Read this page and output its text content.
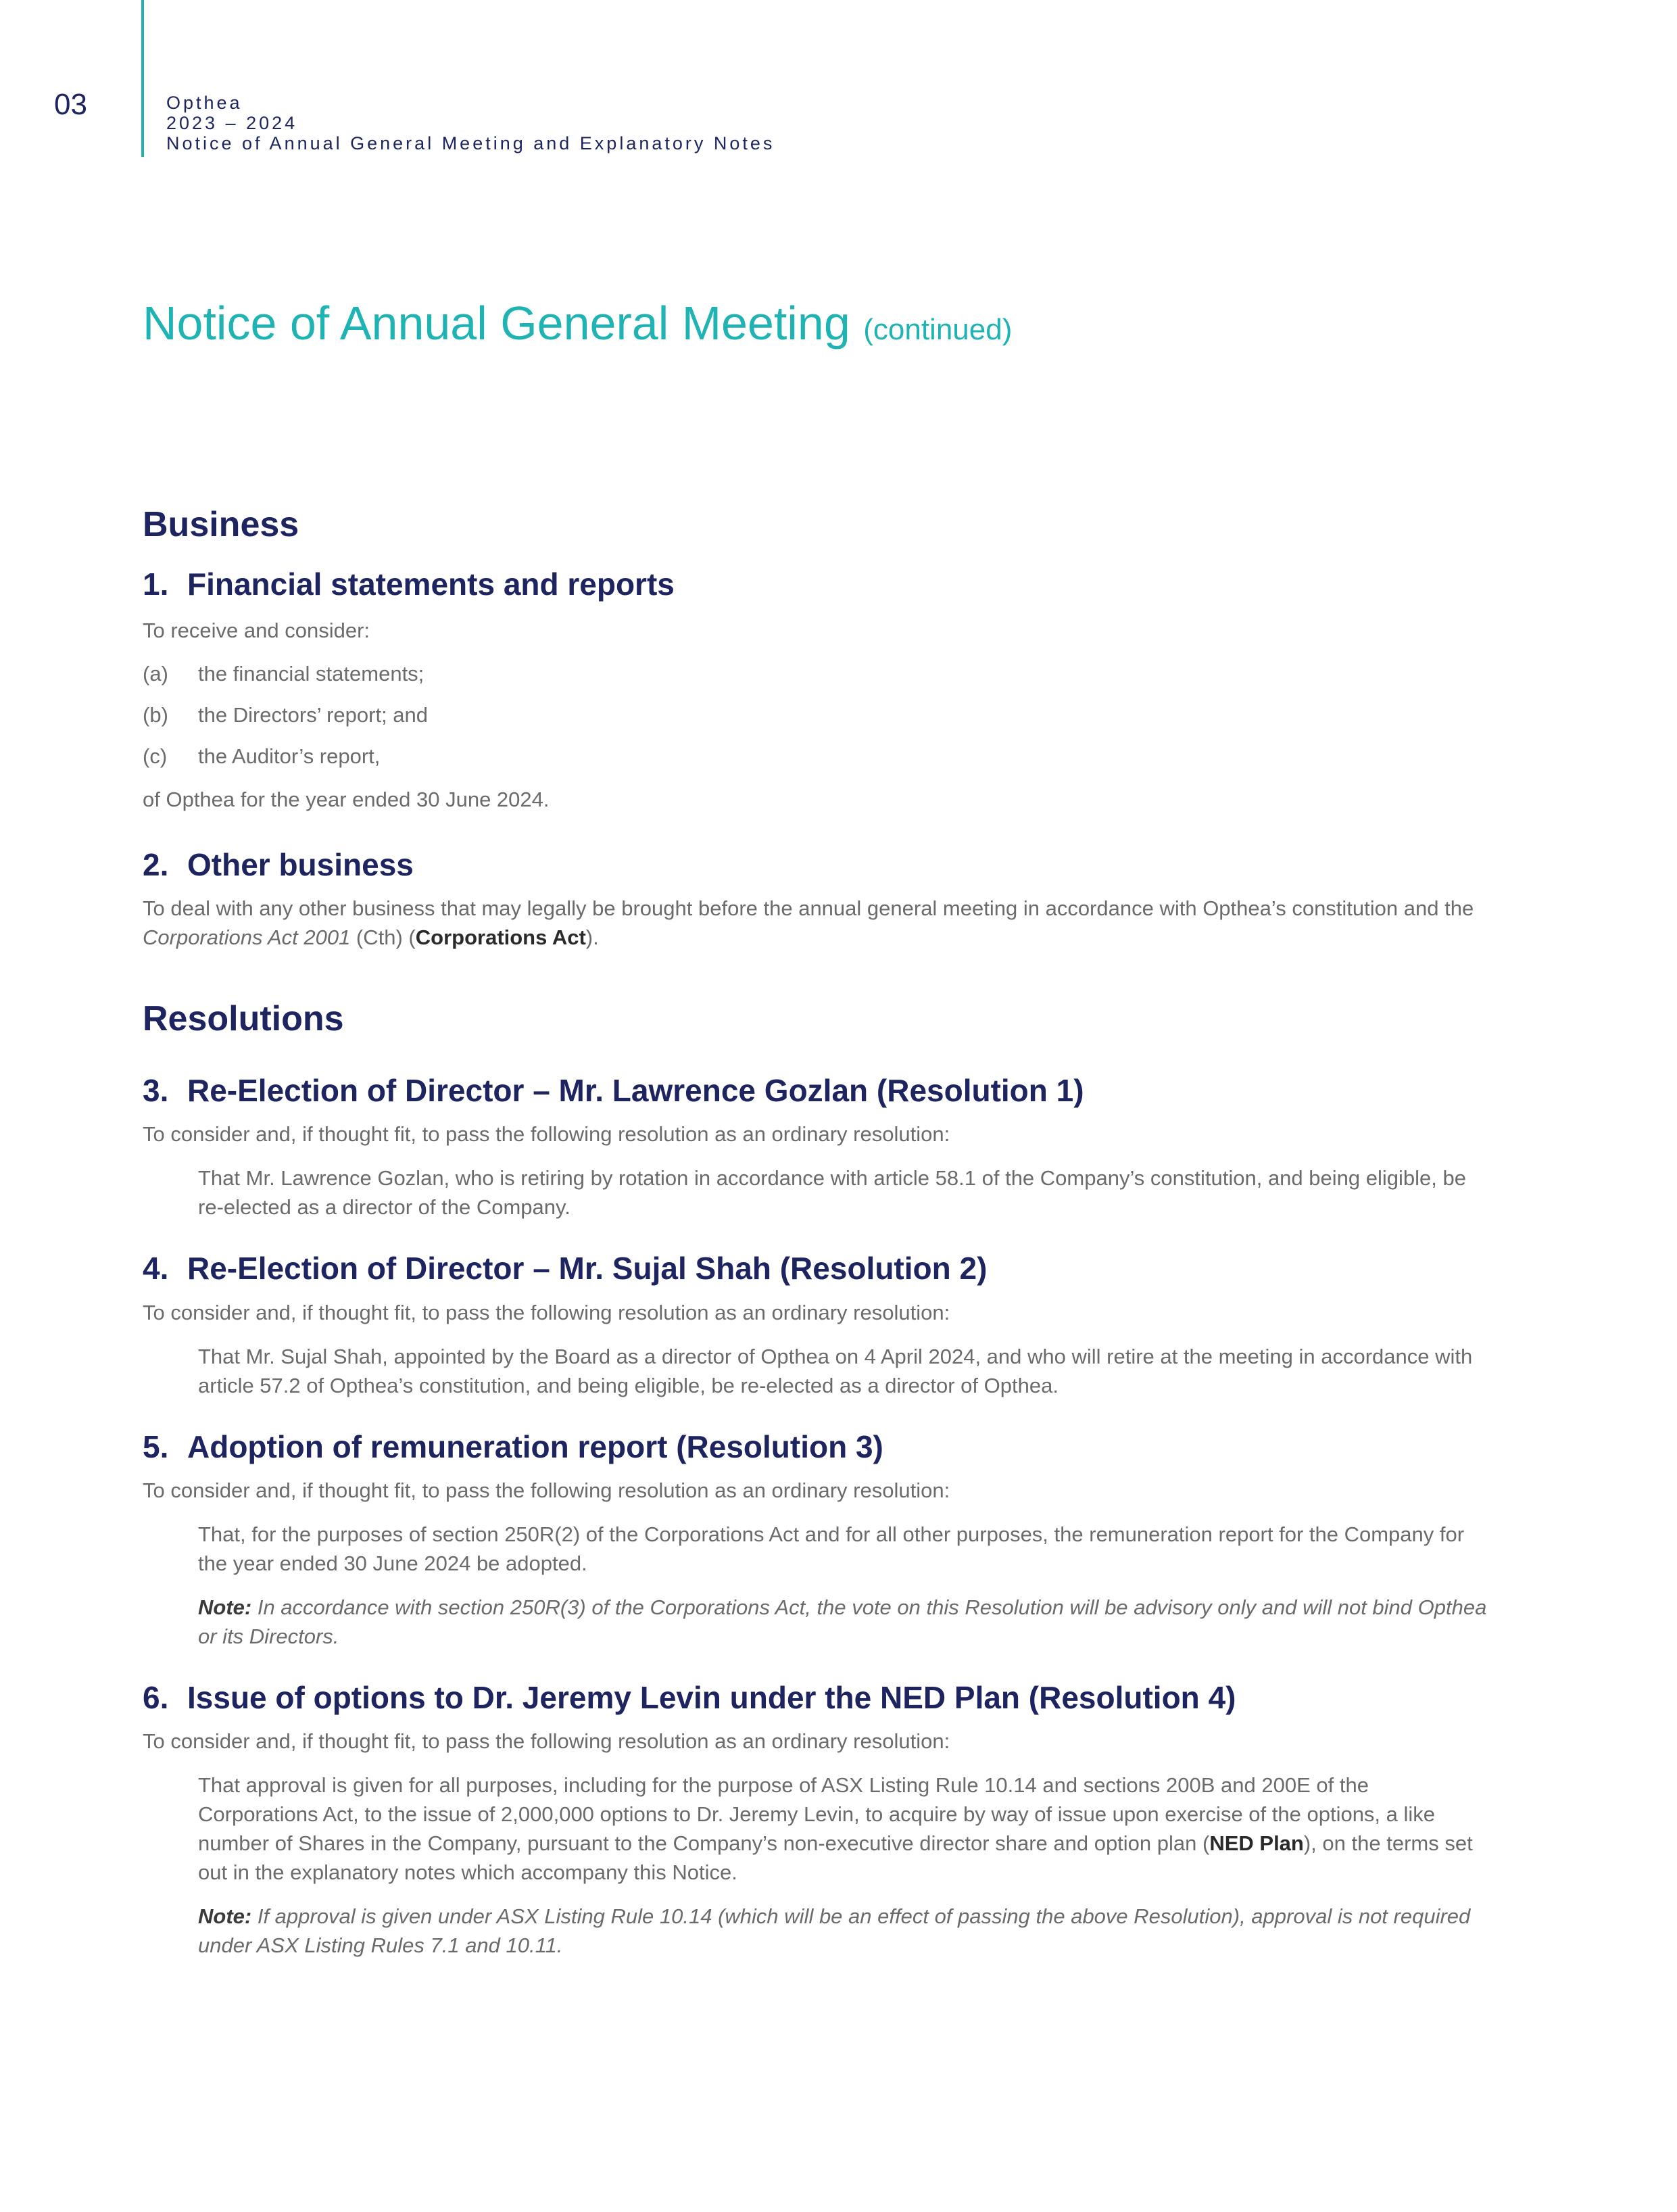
03	Opthea
2023 – 2024
Notice of Annual General Meeting and Explanatory Notes
Notice of Annual General Meeting (continued)
Business
1. Financial statements and reports

To receive and consider:

(a)	the financial statements;
(b)	the Directors’ report; and
(c)	the Auditor’s report,

of Opthea for the year ended 30 June 2024.

2. Other business

To deal with any other business that may legally be brought before the annual general meeting in accordance with Opthea’s constitution and the Corporations Act 2001 (Cth) (Corporations Act).

Resolutions
3. Re-Election of Director – Mr. Lawrence Gozlan (Resolution 1)

To consider and, if thought fit, to pass the following resolution as an ordinary resolution:

That Mr. Lawrence Gozlan, who is retiring by rotation in accordance with article 58.1 of the Company’s constitution, and being eligible, be re-elected as a director of the Company.

4. Re-Election of Director – Mr. Sujal Shah (Resolution 2)

To consider and, if thought fit, to pass the following resolution as an ordinary resolution:

That Mr. Sujal Shah, appointed by the Board as a director of Opthea on 4 April 2024, and who will retire at the meeting in accordance with article 57.2 of Opthea’s constitution, and being eligible, be re-elected as a director of Opthea.

5. Adoption of remuneration report (Resolution 3)

To consider and, if thought fit, to pass the following resolution as an ordinary resolution:

That, for the purposes of section 250R(2) of the Corporations Act and for all other purposes, the remuneration report for the Company for the year ended 30 June 2024 be adopted.

Note: In accordance with section 250R(3) of the Corporations Act, the vote on this Resolution will be advisory only and will not bind Opthea or its Directors.

6. Issue of options to Dr. Jeremy Levin under the NED Plan (Resolution 4)

To consider and, if thought fit, to pass the following resolution as an ordinary resolution:

That approval is given for all purposes, including for the purpose of ASX Listing Rule 10.14 and sections 200B and 200E of the Corporations Act, to the issue of 2,000,000 options to Dr. Jeremy Levin, to acquire by way of issue upon exercise of the options, a like number of Shares in the Company, pursuant to the Company’s non-executive director share and option plan (NED Plan), on the terms set out in the explanatory notes which accompany this Notice.

Note: If approval is given under ASX Listing Rule 10.14 (which will be an effect of passing the above Resolution), approval is not required under ASX Listing Rules 7.1 and 10.11.
